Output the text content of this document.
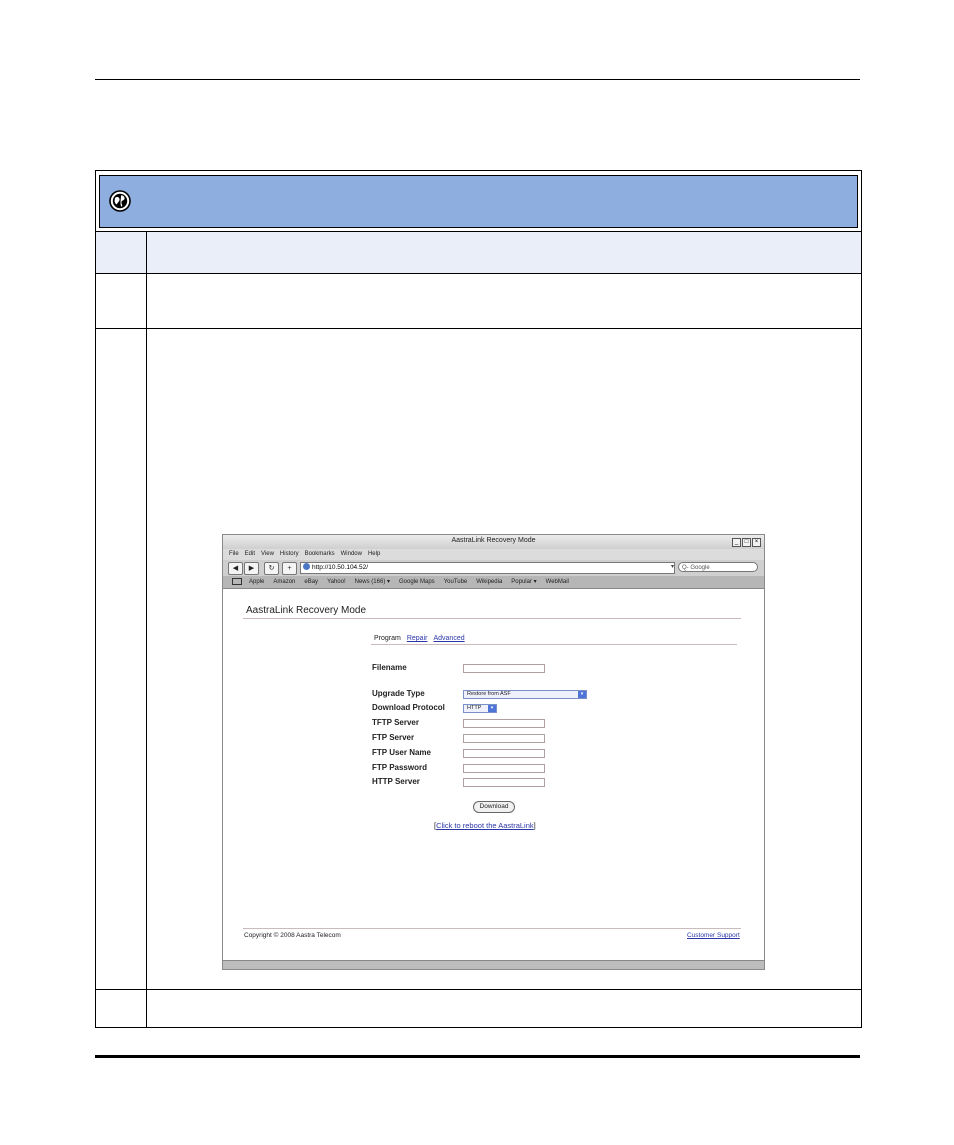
AastraLink Recovery Mode	_ □ ×
File Edit View History Bookmarks Window Help
◀	▶	↻	+	http://10.50.104.52/	▾	Q- Google
Apple Amazon eBay Yahoo! News (166) ▾ Google Maps YouTube Wikipedia Popular ▾ WebMail
AastraLink Recovery Mode
Program Repair Advanced
Filename
Upgrade Type	Restore from ASF	▾
Download Protocol	HTTP	▾
TFTP Server
FTP Server
FTP User Name
FTP Password
HTTP Server
Download
[Click to reboot the AastraLink]
Copyright © 2008 Aastra Telecom	Customer Support
